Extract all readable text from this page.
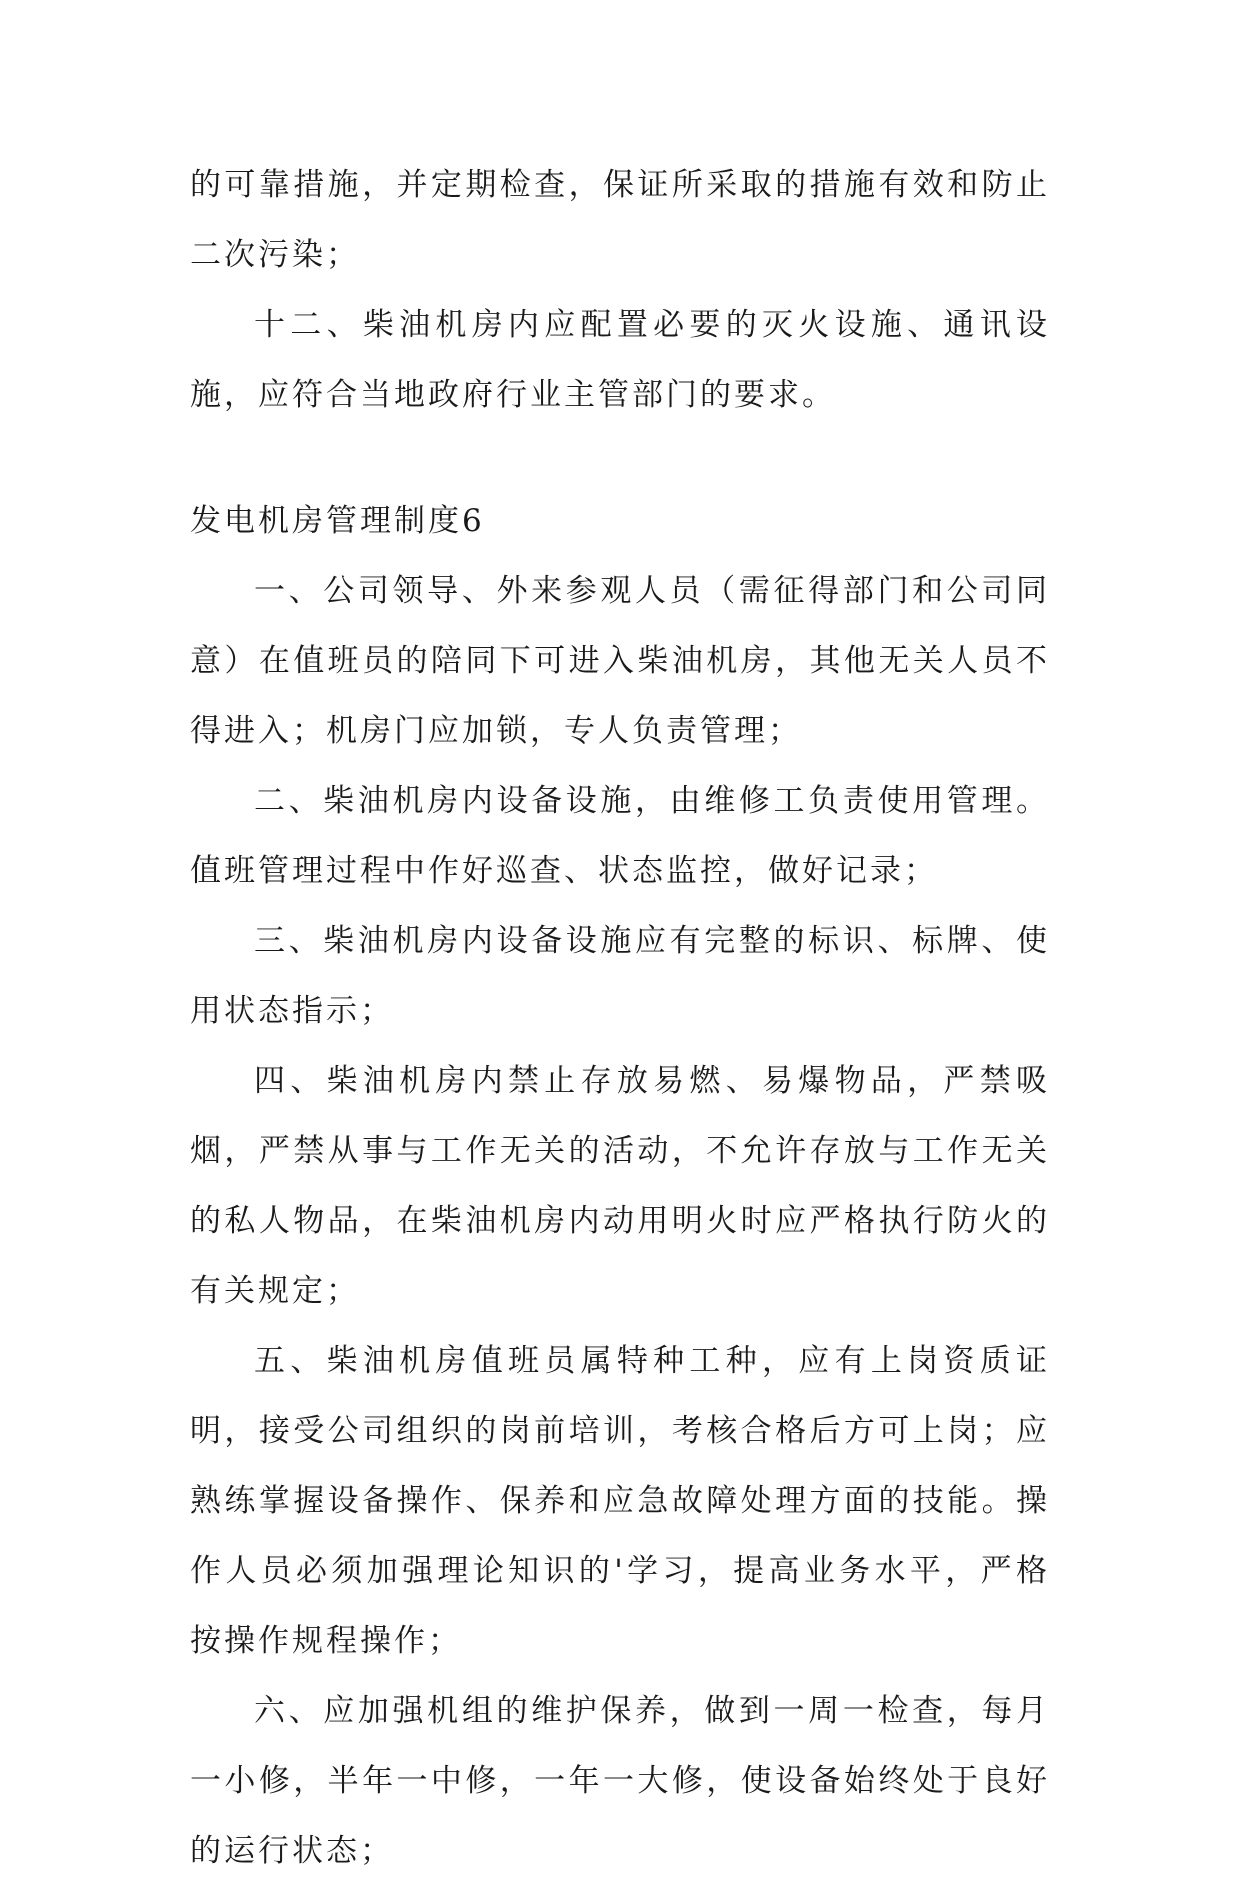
的可靠措施，并定期检查，保证所采取的措施有效和防止二次污染；

十二、柴油机房内应配置必要的灭火设施、通讯设施，应符合当地政府行业主管部门的要求。

发电机房管理制度6

一、公司领导、外来参观人员（需征得部门和公司同意）在值班员的陪同下可进入柴油机房，其他无关人员不得进入；机房门应加锁，专人负责管理；

二、柴油机房内设备设施，由维修工负责使用管理。值班管理过程中作好巡查、状态监控，做好记录；

三、柴油机房内设备设施应有完整的标识、标牌、使用状态指示；

四、柴油机房内禁止存放易燃、易爆物品，严禁吸烟，严禁从事与工作无关的活动，不允许存放与工作无关的私人物品，在柴油机房内动用明火时应严格执行防火的有关规定；

五、柴油机房值班员属特种工种，应有上岗资质证明，接受公司组织的岗前培训，考核合格后方可上岗；应熟练掌握设备操作、保养和应急故障处理方面的技能。操作人员必须加强理论知识的'学习，提高业务水平，严格按操作规程操作；

六、应加强机组的维护保养，做到一周一检查，每月一小修，半年一中修，一年一大修，使设备始终处于良好的运行状态；
